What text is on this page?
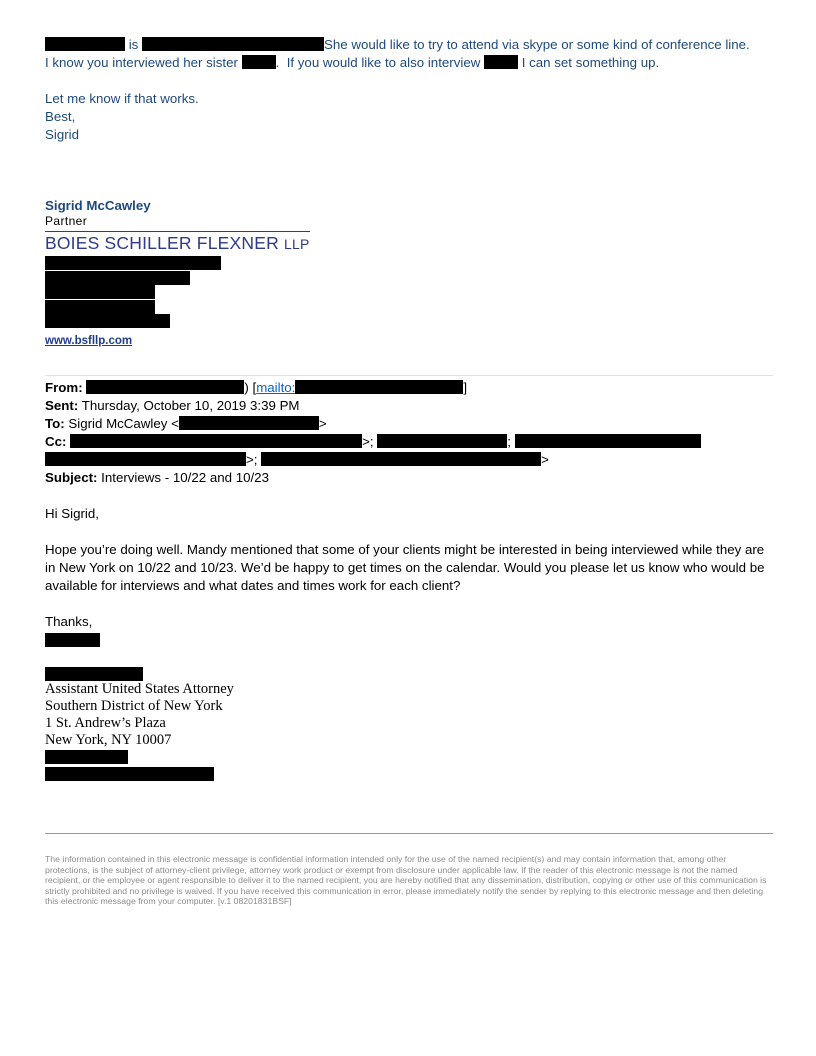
is	She would like to try to attend via skype or some kind of conference line.
I know you interviewed her sister	.  If you would like to also interview	I can set something up.
Let me know if that works.
Best,
Sigrid
Sigrid McCawley
Partner
BOIES SCHILLER FLEXNER LLP
www.bsfllp.com
From:	) [mailto:	]
Sent: Thursday, October 10, 2019 3:39 PM
To: Sigrid McCawley <	>
Cc:	>;	;
>;	>
Subject: Interviews - 10/22 and 10/23
Hi Sigrid,
Hope you’re doing well. Mandy mentioned that some of your clients might be interested in being interviewed while they are in New York on 10/22 and 10/23. We’d be happy to get times on the calendar. Would you please let us know who would be available for interviews and what dates and times work for each client?
Thanks,
Assistant United States Attorney
Southern District of New York
1 St. Andrew’s Plaza
New York, NY 10007
The information contained in this electronic message is confidential information intended only for the use of the named recipient(s) and may contain information that, among other protections, is the subject of attorney-client privilege, attorney work product or exempt from disclosure under applicable law. If the reader of this electronic message is not the named recipient, or the employee or agent responsible to deliver it to the named recipient, you are hereby notified that any dissemination, distribution, copying or other use of this communication is strictly prohibited and no privilege is waived. If you have received this communication in error, please immediately notify the sender by replying to this electronic message and then deleting this electronic message from your computer. [v.1 08201831BSF]
